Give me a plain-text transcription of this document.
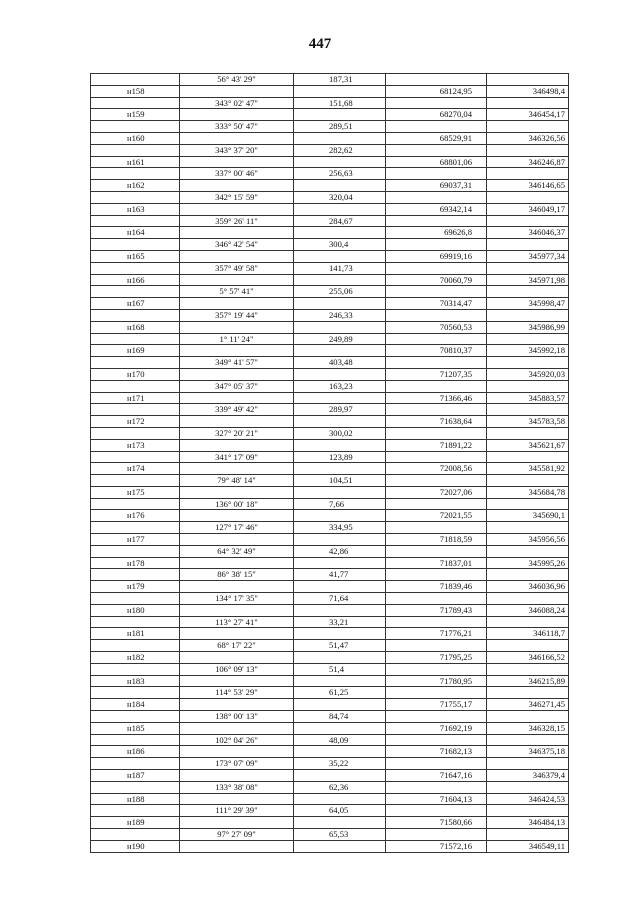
447
	56° 43' 29"	187,31		
н158			68124,95	346498,4
	343° 02' 47"	151,68		
н159			68270,04	346454,17
	333° 50' 47"	289,51		
н160			68529,91	346326,56
	343° 37' 20"	282,62		
н161			68801,06	346246,87
	337° 00' 46"	256,63		
н162			69037,31	346146,65
	342° 15' 59"	320,04		
н163			69342,14	346049,17
	359° 26' 11"	284,67		
н164			69626,8	346046,37
	346° 42' 54"	300,4		
н165			69919,16	345977,34
	357° 49' 58"	141,73		
н166			70060,79	345971,98
	5° 57' 41"	255,06		
н167			70314,47	345998,47
	357° 19' 44"	246,33		
н168			70560,53	345986,99
	1° 11' 24"	249,89		
н169			70810,37	345992,18
	349° 41' 57"	403,48		
н170			71207,35	345920,03
	347° 05' 37"	163,23		
н171			71366,46	345883,57
	339° 49' 42"	289,97		
н172			71638,64	345783,58
	327° 20' 21"	300,02		
н173			71891,22	345621,67
	341° 17' 09"	123,89		
н174			72008,56	345581,92
	79° 48' 14"	104,51		
н175			72027,06	345684,78
	136° 00' 18"	7,66		
н176			72021,55	345690,1
	127° 17' 46"	334,95		
н177			71818,59	345956,56
	64° 32' 49"	42,86		
н178			71837,01	345995,26
	86° 38' 15"	41,77		
н179			71839,46	346036,96
	134° 17' 35"	71,64		
н180			71789,43	346088,24
	113° 27' 41"	33,21		
н181			71776,21	346118,7
	68° 17' 22"	51,47		
н182			71795,25	346166,52
	106° 09' 13"	51,4		
н183			71780,95	346215,89
	114° 53' 29"	61,25		
н184			71755,17	346271,45
	138° 00' 13"	84,74		
н185			71692,19	346328,15
	102° 04' 26"	48,09		
н186			71682,13	346375,18
	173° 07' 09"	35,22		
н187			71647,16	346379,4
	133° 38' 08"	62,36		
н188			71604,13	346424,53
	111° 29' 39"	64,05		
н189			71580,66	346484,13
	97° 27' 09"	65,53		
н190			71572,16	346549,11
